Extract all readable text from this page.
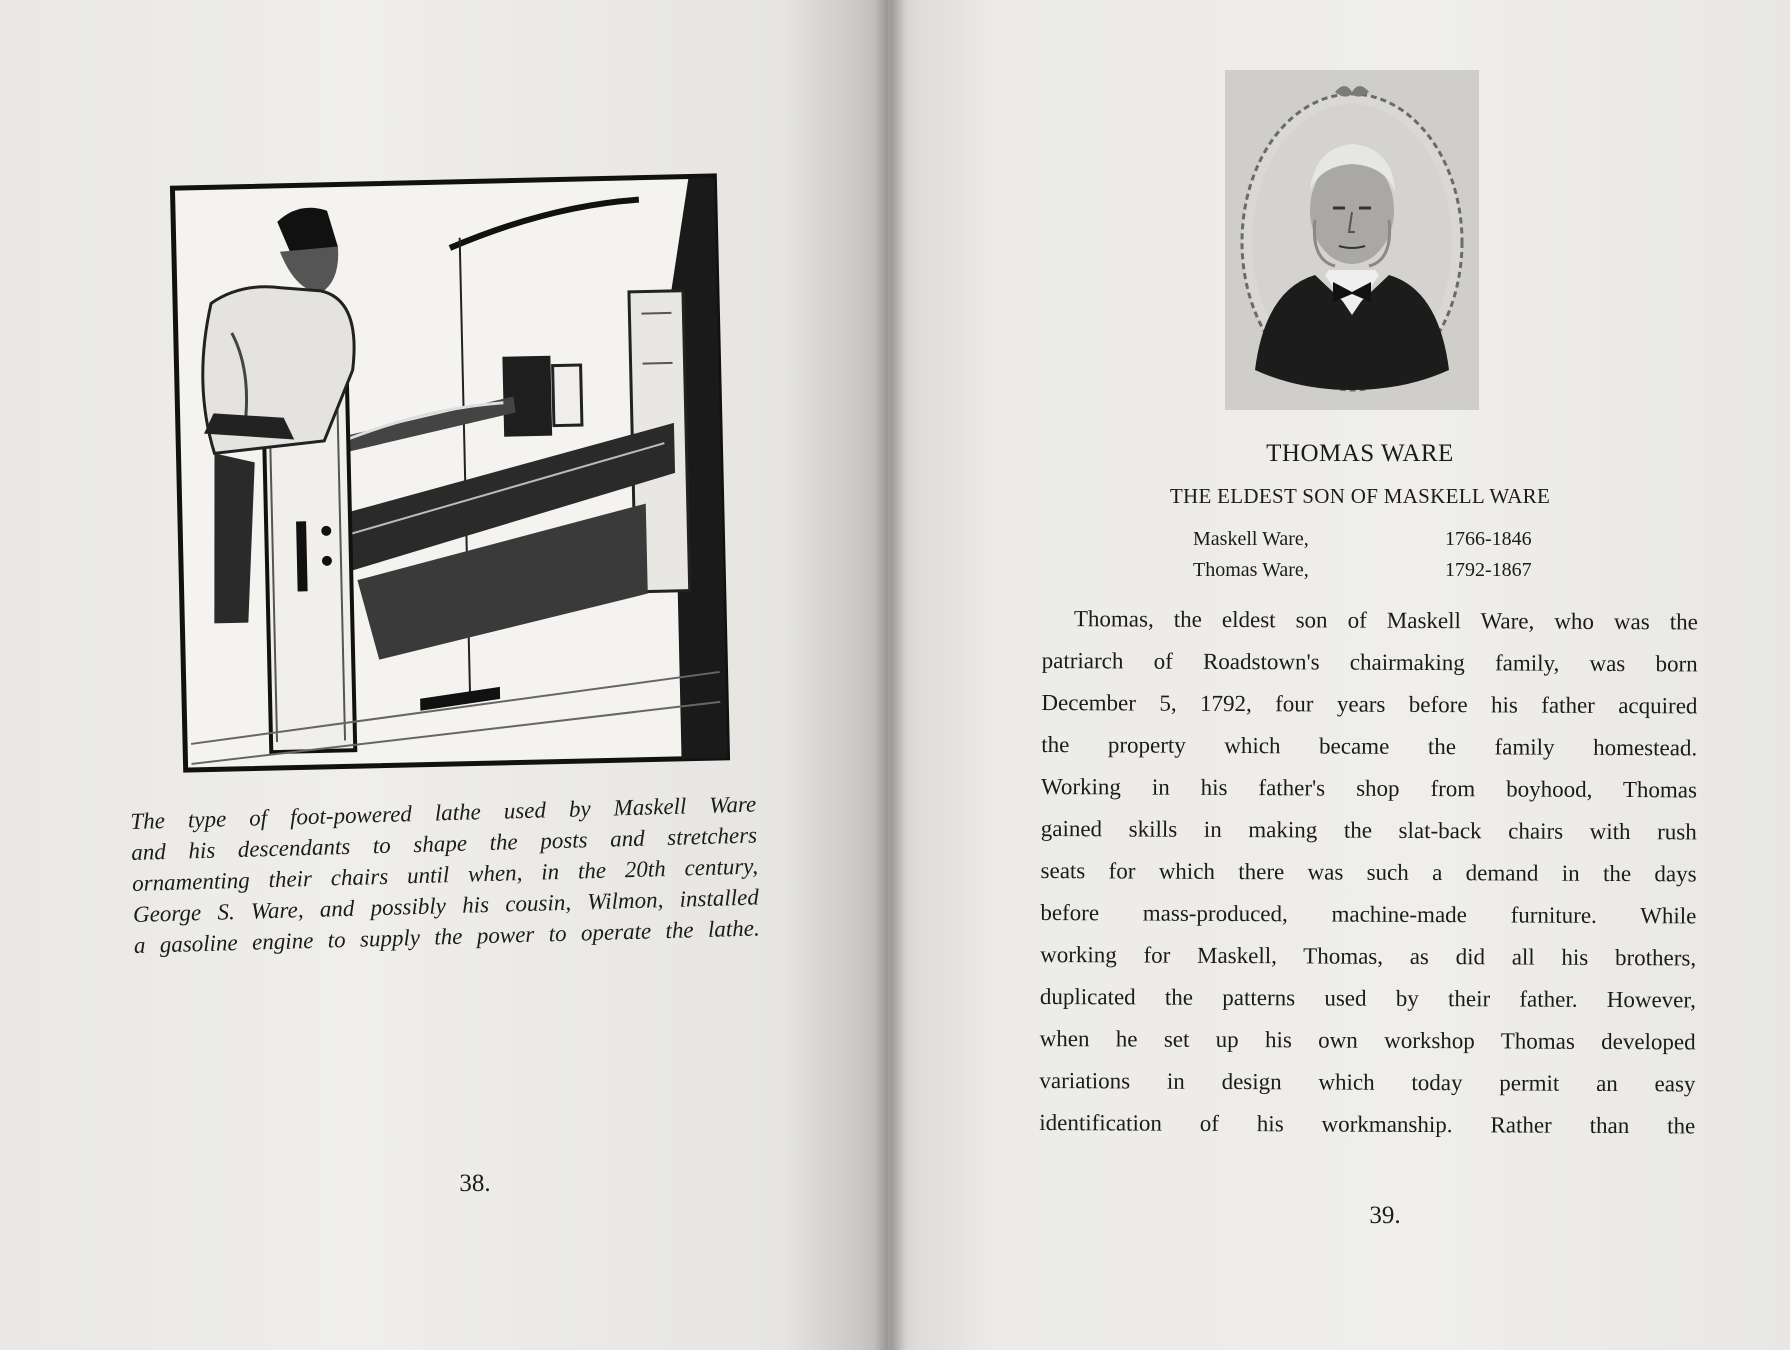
The type of foot-powered lathe used by Maskell Ware
and his descendants to shape the posts and stretchers
ornamenting their chairs until when, in the 20th century,
George S. Ware, and possibly his cousin, Wilmon, installed
a gasoline engine to supply the power to operate the lathe.
38.
THOMAS WARE
THE ELDEST SON OF MASKELL WARE
Maskell Ware,	1766-1846
Thomas Ware,	1792-1867
Thomas, the eldest son of Maskell Ware, who was the
patriarch of Roadstown's chairmaking family, was born
December 5, 1792, four years before his father acquired
the property which became the family homestead.
Working in his father's shop from boyhood, Thomas
gained skills in making the slat-back chairs with rush
seats for which there was such a demand in the days
before mass-produced, machine-made furniture. While
working for Maskell, Thomas, as did all his brothers,
duplicated the patterns used by their father. However,
when he set up his own workshop Thomas developed
variations in design which today permit an easy
identification of his workmanship. Rather than the
39.
